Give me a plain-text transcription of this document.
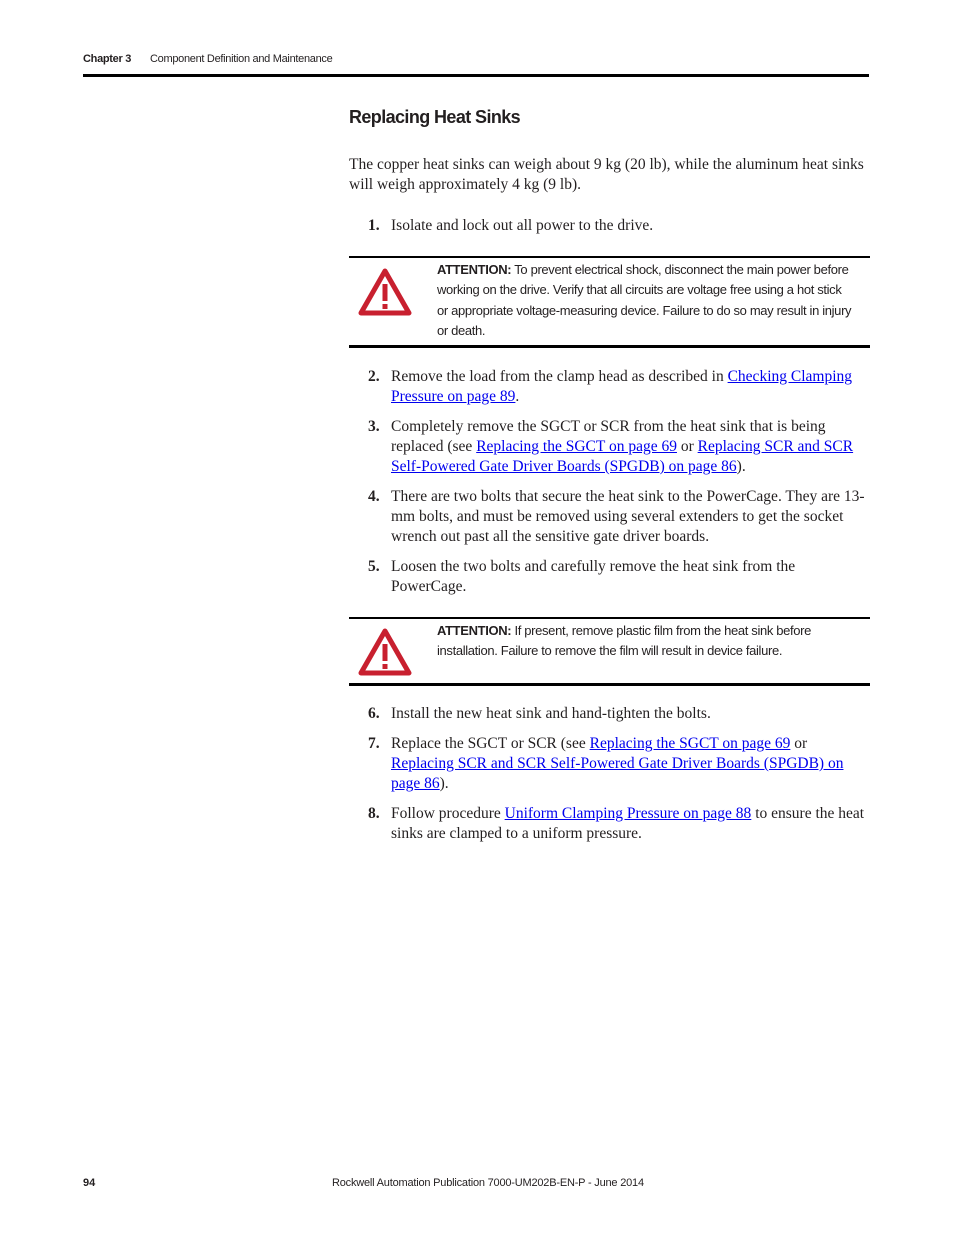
Chapter 3 Component Definition and Maintenance
Replacing Heat Sinks

The copper heat sinks can weigh about 9 kg (20 lb), while the aluminum heat sinks will weigh approximately 4 kg (9 lb).

1. Isolate and lock out all power to the drive.
ATTENTION: To prevent electrical shock, disconnect the main power before working on the drive. Verify that all circuits are voltage free using a hot stick or appropriate voltage-measuring device. Failure to do so may result in injury or death.
2. Remove the load from the clamp head as described in Checking Clamping Pressure on page 89.
3. Completely remove the SGCT or SCR from the heat sink that is being replaced (see Replacing the SGCT on page 69 or Replacing SCR and SCR Self-Powered Gate Driver Boards (SPGDB) on page 86).
4. There are two bolts that secure the heat sink to the PowerCage. They are 13-mm bolts, and must be removed using several extenders to get the socket wrench out past all the sensitive gate driver boards.
5. Loosen the two bolts and carefully remove the heat sink from the PowerCage.
ATTENTION: If present, remove plastic film from the heat sink before installation. Failure to remove the film will result in device failure.
6. Install the new heat sink and hand-tighten the bolts.
7. Replace the SGCT or SCR (see Replacing the SGCT on page 69 or Replacing SCR and SCR Self-Powered Gate Driver Boards (SPGDB) on page 86).
8. Follow procedure Uniform Clamping Pressure on page 88 to ensure the heat sinks are clamped to a uniform pressure.
94	Rockwell Automation Publication 7000-UM202B-EN-P - June 2014
